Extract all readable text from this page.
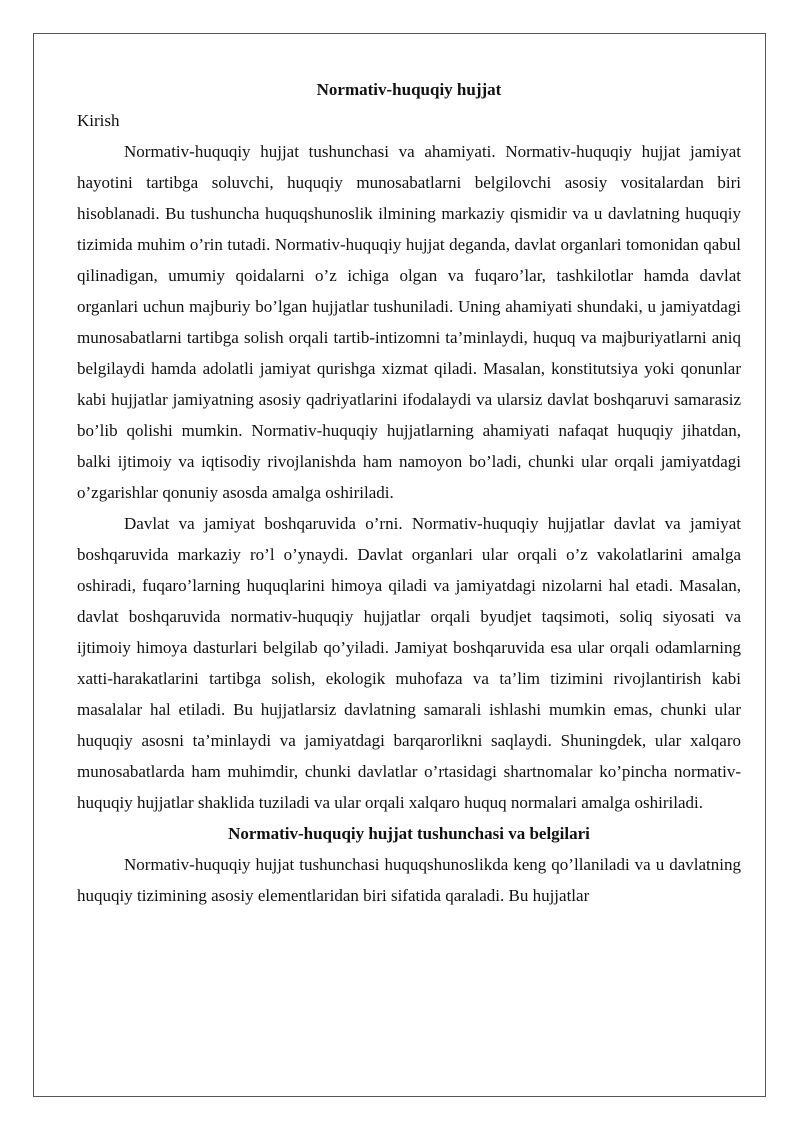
Normativ-huquqiy hujjat

Kirish

Normativ-huquqiy hujjat tushunchasi va ahamiyati. Normativ-huquqiy hujjat jamiyat hayotini tartibga soluvchi, huquqiy munosabatlarni belgilovchi asosiy vositalardan biri hisoblanadi. Bu tushuncha huquqshunoslik ilmining markaziy qismidir va u davlatning huquqiy tizimida muhim o’rin tutadi. Normativ-huquqiy hujjat deganda, davlat organlari tomonidan qabul qilinadigan, umumiy qoidalarni o’z ichiga olgan va fuqaro’lar, tashkilotlar hamda davlat organlari uchun majburiy bo’lgan hujjatlar tushuniladi. Uning ahamiyati shundaki, u jamiyatdagi munosabatlarni tartibga solish orqali tartib-intizomni ta’minlaydi, huquq va majburiyatlarni aniq belgilaydi hamda adolatli jamiyat qurishga xizmat qiladi. Masalan, konstitutsiya yoki qonunlar kabi hujjatlar jamiyatning asosiy qadriyatlarini ifodalaydi va ularsiz davlat boshqaruvi samarasiz bo’lib qolishi mumkin. Normativ-huquqiy hujjatlarning ahamiyati nafaqat huquqiy jihatdan, balki ijtimoiy va iqtisodiy rivojlanishda ham namoyon bo’ladi, chunki ular orqali jamiyatdagi o’zgarishlar qonuniy asosda amalga oshiriladi.

Davlat va jamiyat boshqaruvida o’rni. Normativ-huquqiy hujjatlar davlat va jamiyat boshqaruvida markaziy ro’l o’ynaydi. Davlat organlari ular orqali o’z vakolatlarini amalga oshiradi, fuqaro’larning huquqlarini himoya qiladi va jamiyatdagi nizolarni hal etadi. Masalan, davlat boshqaruvida normativ-huquqiy hujjatlar orqali byudjet taqsimoti, soliq siyosati va ijtimoiy himoya dasturlari belgilab qo’yiladi. Jamiyat boshqaruvida esa ular orqali odamlarning xatti-harakatlarini tartibga solish, ekologik muhofaza va ta’lim tizimini rivojlantirish kabi masalalar hal etiladi. Bu hujjatlarsiz davlatning samarali ishlashi mumkin emas, chunki ular huquqiy asosni ta’minlaydi va jamiyatdagi barqarorlikni saqlaydi. Shuningdek, ular xalqaro munosabatlarda ham muhimdir, chunki davlatlar o’rtasidagi shartnomalar ko’pincha normativ-huquqiy hujjatlar shaklida tuziladi va ular orqali xalqaro huquq normalari amalga oshiriladi.

Normativ-huquqiy hujjat tushunchasi va belgilari

Normativ-huquqiy hujjat tushunchasi huquqshunoslikda keng qo’llaniladi va u davlatning huquqiy tizimining asosiy elementlaridan biri sifatida qaraladi. Bu hujjatlar
